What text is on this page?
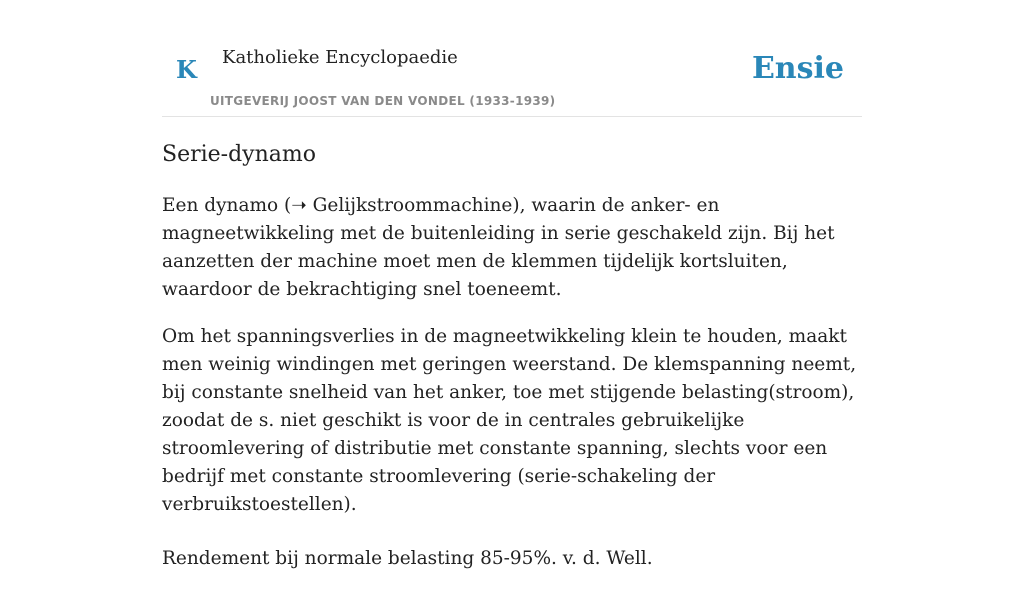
K Katholieke Encyclopaedie
UITGEVERIJ JOOST VAN DEN VONDEL (1933-1939)
Ensie
Serie-dynamo

Een dynamo (➝ Gelijkstroommachine), waarin de anker- en magneetwikkeling met de buitenleiding in serie geschakeld zijn. Bij het aanzetten der machine moet men de klemmen tijdelijk kortsluiten, waardoor de bekrachtiging snel toeneemt.

Om het spanningsverlies in de magneetwikkeling klein te houden, maakt men weinig windingen met geringen weerstand. De klemspanning neemt, bij constante snelheid van het anker, toe met stijgende belasting(stroom), zoodat de s. niet geschikt is voor de in centrales gebruikelijke stroomlevering of distributie met constante spanning, slechts voor een bedrijf met constante stroomlevering (serie-schakeling der verbruikstoestellen).

Rendement bij normale belasting 85-95%. v. d. Well.
